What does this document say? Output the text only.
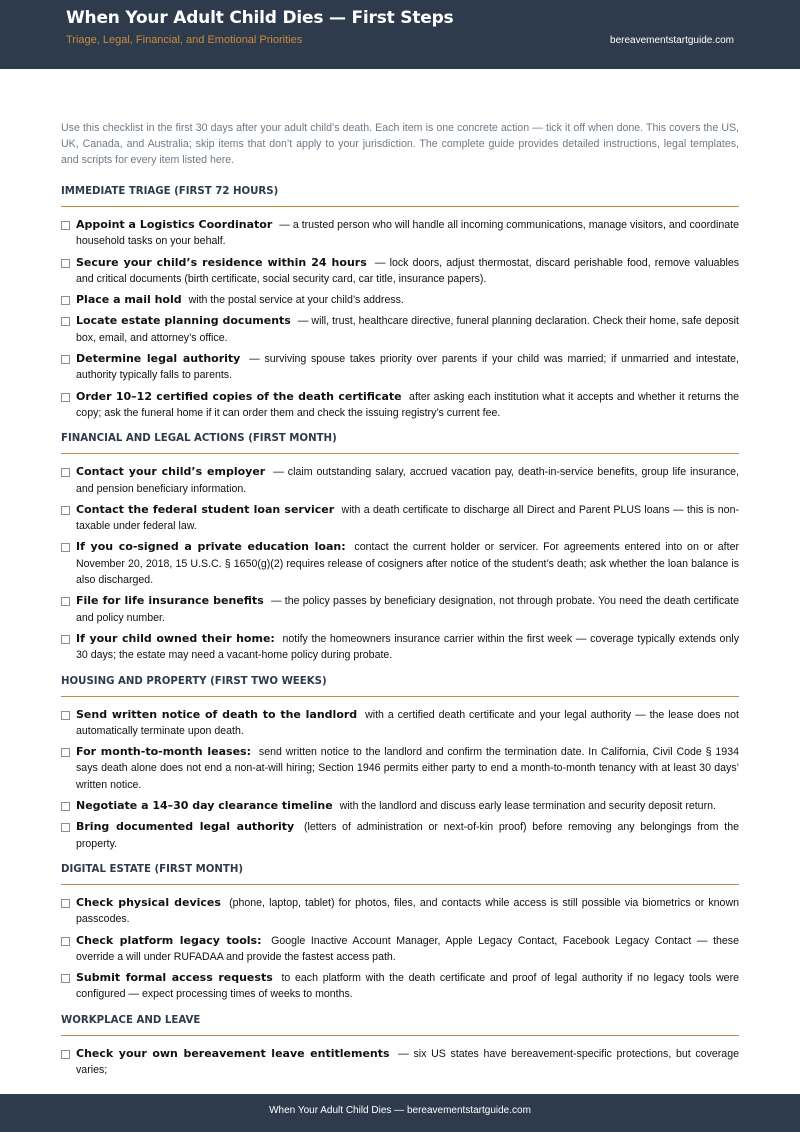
When Your Adult Child Dies — First Steps
Triage, Legal, Financial, and Emotional Priorities	bereavementstartguide.com

Use this checklist in the first 30 days after your adult child’s death. Each item is one concrete action — tick it off when done. This covers the US, UK, Canada, and Australia; skip items that don’t apply to your jurisdiction. The complete guide provides detailed instructions, legal templates, and scripts for every item listed here.

IMMEDIATE TRIAGE (FIRST 72 HOURS)
Appoint a Logistics Coordinator — a trusted person who will handle all incoming communications, manage visitors, and coordinate household tasks on your behalf.
Secure your child’s residence within 24 hours — lock doors, adjust thermostat, discard perishable food, remove valuables and critical documents (birth certificate, social security card, car title, insurance papers).
Place a mail hold with the postal service at your child’s address.
Locate estate planning documents — will, trust, healthcare directive, funeral planning declaration. Check their home, safe deposit box, email, and attorney’s office.
Determine legal authority — surviving spouse takes priority over parents if your child was married; if unmarried and intestate, authority typically falls to parents.
Order 10–12 certified copies of the death certificate after asking each institution what it accepts and whether it returns the copy; ask the funeral home if it can order them and check the issuing registry’s current fee.
FINANCIAL AND LEGAL ACTIONS (FIRST MONTH)
Contact your child’s employer — claim outstanding salary, accrued vacation pay, death-in-service benefits, group life insurance, and pension beneficiary information.
Contact the federal student loan servicer with a death certificate to discharge all Direct and Parent PLUS loans — this is non-taxable under federal law.
If you co-signed a private education loan: contact the current holder or servicer. For agreements entered into on or after November 20, 2018, 15 U.S.C. § 1650(g)(2) requires release of cosigners after notice of the student’s death; ask whether the loan balance is also discharged.
File for life insurance benefits — the policy passes by beneficiary designation, not through probate. You need the death certificate and policy number.
If your child owned their home: notify the homeowners insurance carrier within the first week — coverage typically extends only 30 days; the estate may need a vacant-home policy during probate.
HOUSING AND PROPERTY (FIRST TWO WEEKS)
Send written notice of death to the landlord with a certified death certificate and your legal authority — the lease does not automatically terminate upon death.
For month-to-month leases: send written notice to the landlord and confirm the termination date. In California, Civil Code § 1934 says death alone does not end a non-at-will hiring; Section 1946 permits either party to end a month-to-month tenancy with at least 30 days’ written notice.
Negotiate a 14–30 day clearance timeline with the landlord and discuss early lease termination and security deposit return.
Bring documented legal authority (letters of administration or next-of-kin proof) before removing any belongings from the property.
DIGITAL ESTATE (FIRST MONTH)
Check physical devices (phone, laptop, tablet) for photos, files, and contacts while access is still possible via biometrics or known passcodes.
Check platform legacy tools: Google Inactive Account Manager, Apple Legacy Contact, Facebook Legacy Contact — these override a will under RUFADAA and provide the fastest access path.
Submit formal access requests to each platform with the death certificate and proof of legal authority if no legacy tools were configured — expect processing times of weeks to months.
WORKPLACE AND LEAVE
Check your own bereavement leave entitlements — six US states have bereavement-specific protections, but coverage varies;
When Your Adult Child Dies — bereavementstartguide.com
